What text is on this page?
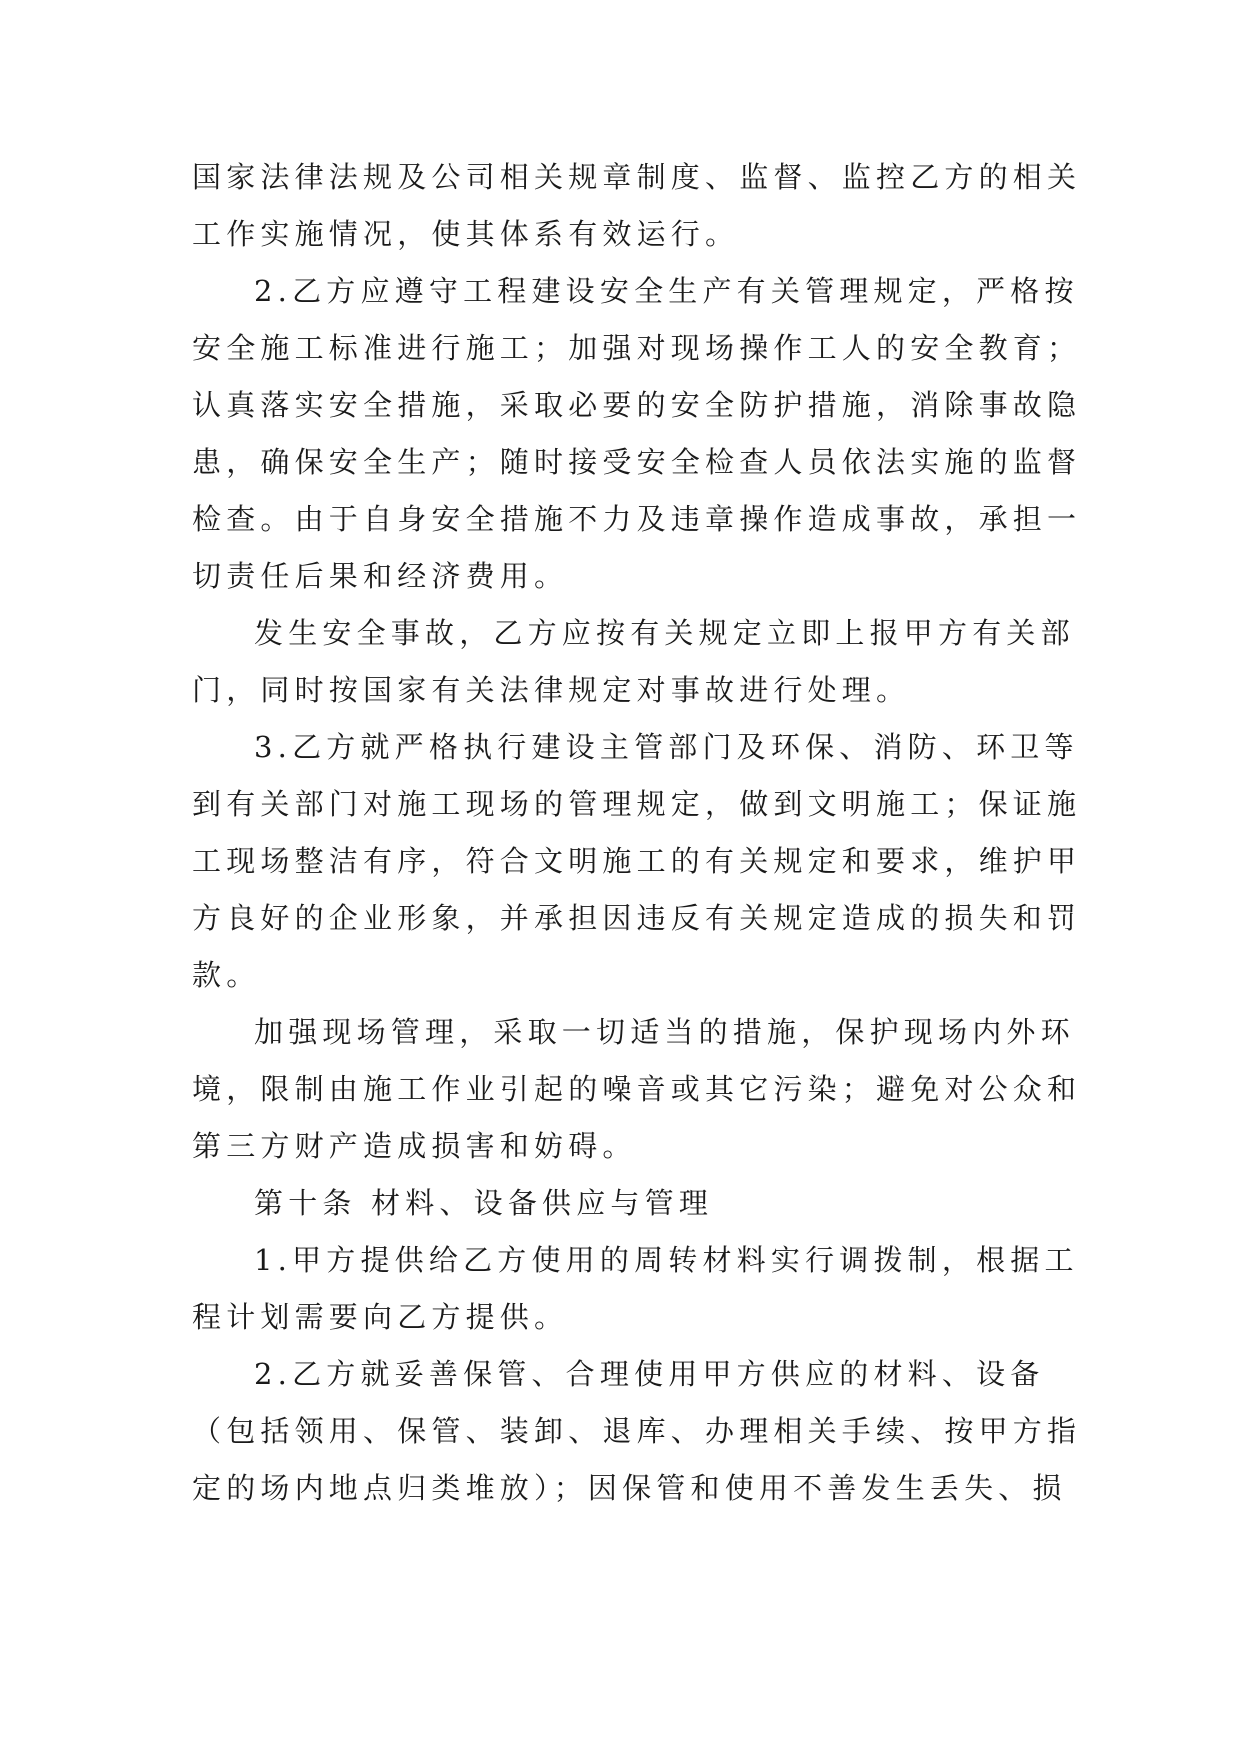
国家法律法规及公司相关规章制度、监督、监控乙方的相关
工作实施情况，使其体系有效运行。
2.乙方应遵守工程建设安全生产有关管理规定，严格按
安全施工标准进行施工；加强对现场操作工人的安全教育；
认真落实安全措施，采取必要的安全防护措施，消除事故隐
患，确保安全生产；随时接受安全检查人员依法实施的监督
检查。由于自身安全措施不力及违章操作造成事故，承担一
切责任后果和经济费用。
发生安全事故，乙方应按有关规定立即上报甲方有关部
门，同时按国家有关法律规定对事故进行处理。
3.乙方就严格执行建设主管部门及环保、消防、环卫等
到有关部门对施工现场的管理规定，做到文明施工；保证施
工现场整洁有序，符合文明施工的有关规定和要求，维护甲
方良好的企业形象，并承担因违反有关规定造成的损失和罚
款。
加强现场管理，采取一切适当的措施，保护现场内外环
境，限制由施工作业引起的噪音或其它污染；避免对公众和
第三方财产造成损害和妨碍。
第十条 材料、设备供应与管理
1.甲方提供给乙方使用的周转材料实行调拨制，根据工
程计划需要向乙方提供。
2.乙方就妥善保管、合理使用甲方供应的材料、设备
（包括领用、保管、装卸、退库、办理相关手续、按甲方指
定的场内地点归类堆放）；因保管和使用不善发生丢失、损
